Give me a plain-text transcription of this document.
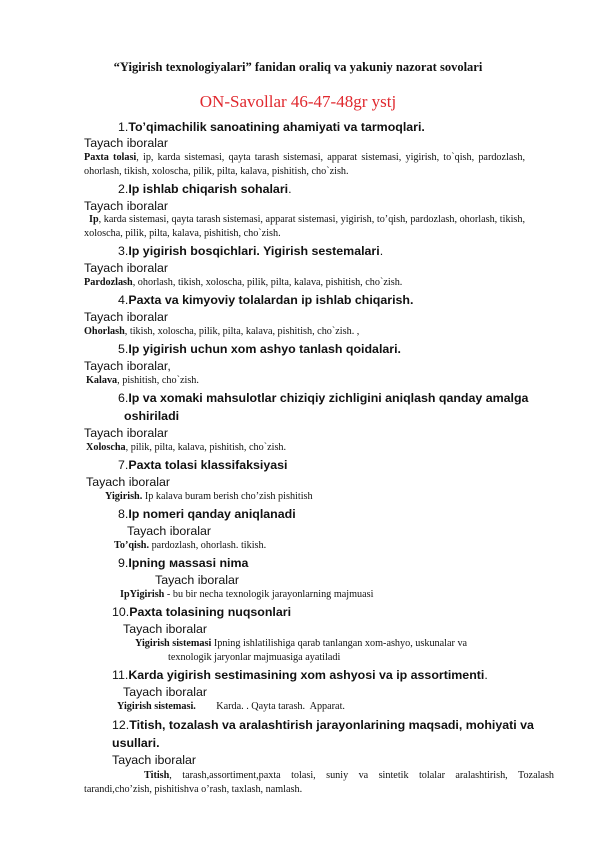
“Yigirish texnologiyalari” fanidan oraliq va yakuniy nazorat sovolari
ON-Savollar 46-47-48gr ystj
1.To’qimachilik sanoatining ahamiyati va tarmoqlari.
Tayach iboralar
Paxta tolasi, ip, karda sistemasi, qayta tarash sistemasi, apparat sistemasi, yigirish, to`qish, pardozlash, ohorlash, tikish, xoloscha, pilik, pilta, kalava, pishitish, cho`zish.
2.Ip ishlab chiqarish sohalari.
Tayach iboralar
Ip, karda sistemasi, qayta tarash sistemasi, apparat sistemasi, yigirish, to’qish, pardozlash, ohorlash, tikish, xoloscha, pilik, pilta, kalava, pishitish, cho`zish.
3.Ip yigirish bosqichlari. Yigirish sestemalari.
Tayach iboralar
Pardozlash, ohorlash, tikish, xoloscha, pilik, pilta, kalava, pishitish, cho`zish.
4.Paxta va kimyoviy tolalardan ip ishlab chiqarish.
Tayach iboralar
Ohorlash, tikish, xoloscha, pilik, pilta, kalava, pishitish, cho`zish. ,
5.Ip yigirish uchun xom ashyo tanlash qoidalari.
Tayach iboralar,
Kalava, pishitish, cho`zish.
6.Ip va xomaki mahsulotlar chiziqiy zichligini aniqlash qanday amalga
oshiriladi
Tayach iboralar
Xoloscha, pilik, pilta, kalava, pishitish, cho`zish.
7.Paxta tolasi klassifaksiyasi
Tayach iboralar
Yigirish. Ip kalava buram berish cho’zish pishitish
8.Ip nomeri qanday aniqlanadi
Tayach iboralar
To’qish. pardozlash, ohorlash. tikish.
9.Ipning мassasi nima
Tayach iboralar
IpYigirish - bu bir necha texnologik jarayonlarning majmuasi
10.Paxta tolasining nuqsonlari
Tayach iboralar
Yigirish sistemasi Ipning ishlatilishiga qarab tanlangan xom-ashyo, uskunalar va
texnologik jaryonlar majmuasiga ayatiladi
11.Karda yigirish sestimasining xom ashyosi va ip assortimenti.
Tayach iboralar
Yigirish sistemasi.        Karda. . Qayta tarash.  Apparat.
12.Titish, tozalash va aralashtirish jarayonlarining maqsadi, mohiyati va
usullari.
Tayach iboralar
Titish, tarash,assortiment,paxta tolasi, suniy va sintetik tolalar aralashtirish, Tozalash tarandi,cho’zish, pishitishva o’rash, taxlash, namlash.
